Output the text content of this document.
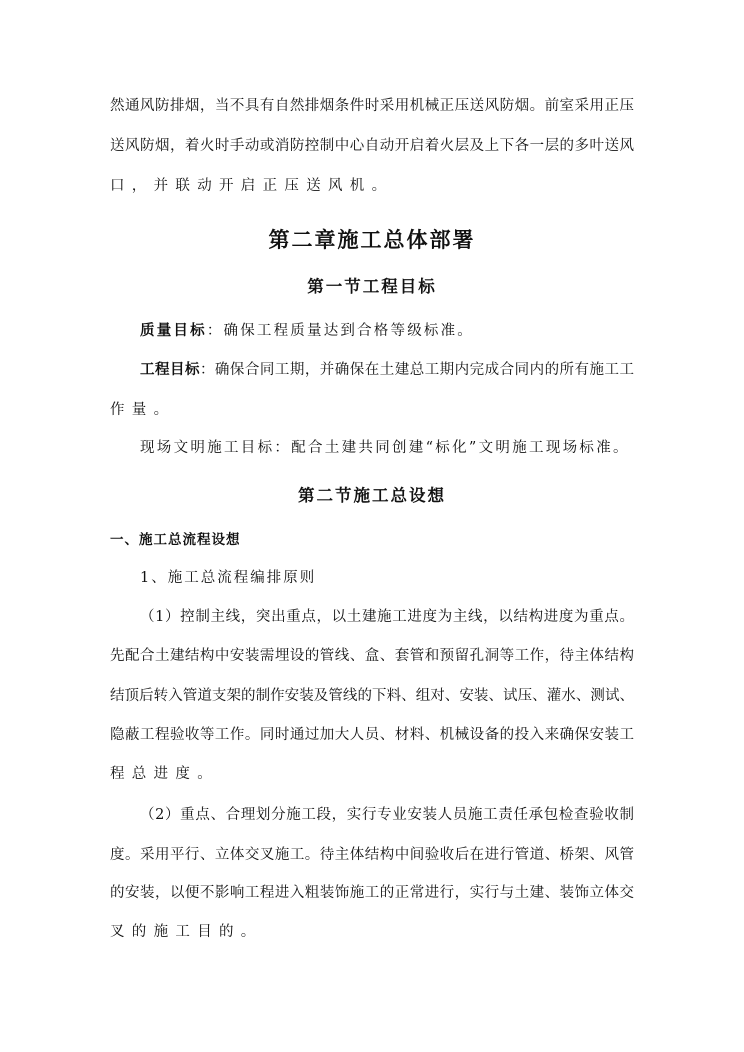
然通风防排烟，当不具有自然排烟条件时采用机械正压送风防烟。前室采用正压
送风防烟，着火时手动或消防控制中心自动开启着火层及上下各一层的多叶送风
口，并联动开启正压送风机。
第二章施工总体部署
第一节工程目标
质量目标：确保工程质量达到合格等级标准。
工程目标：确保合同工期，并确保在土建总工期内完成合同内的所有施工工
作量。
现场文明施工目标：配合土建共同创建“标化”文明施工现场标准。
第二节施工总设想
一、施工总流程设想
1、施工总流程编排原则
（1）控制主线，突出重点，以土建施工进度为主线，以结构进度为重点。
先配合土建结构中安装需埋设的管线、盒、套管和预留孔洞等工作，待主体结构
结顶后转入管道支架的制作安装及管线的下料、组对、安装、试压、灌水、测试、
隐蔽工程验收等工作。同时通过加大人员、材料、机械设备的投入来确保安装工
程总进度。
（2）重点、合理划分施工段，实行专业安装人员施工责任承包检查验收制
度。采用平行、立体交叉施工。待主体结构中间验收后在进行管道、桥架、风管
的安装，以便不影响工程进入粗装饰施工的正常进行，实行与土建、装饰立体交
叉的施工目的。
